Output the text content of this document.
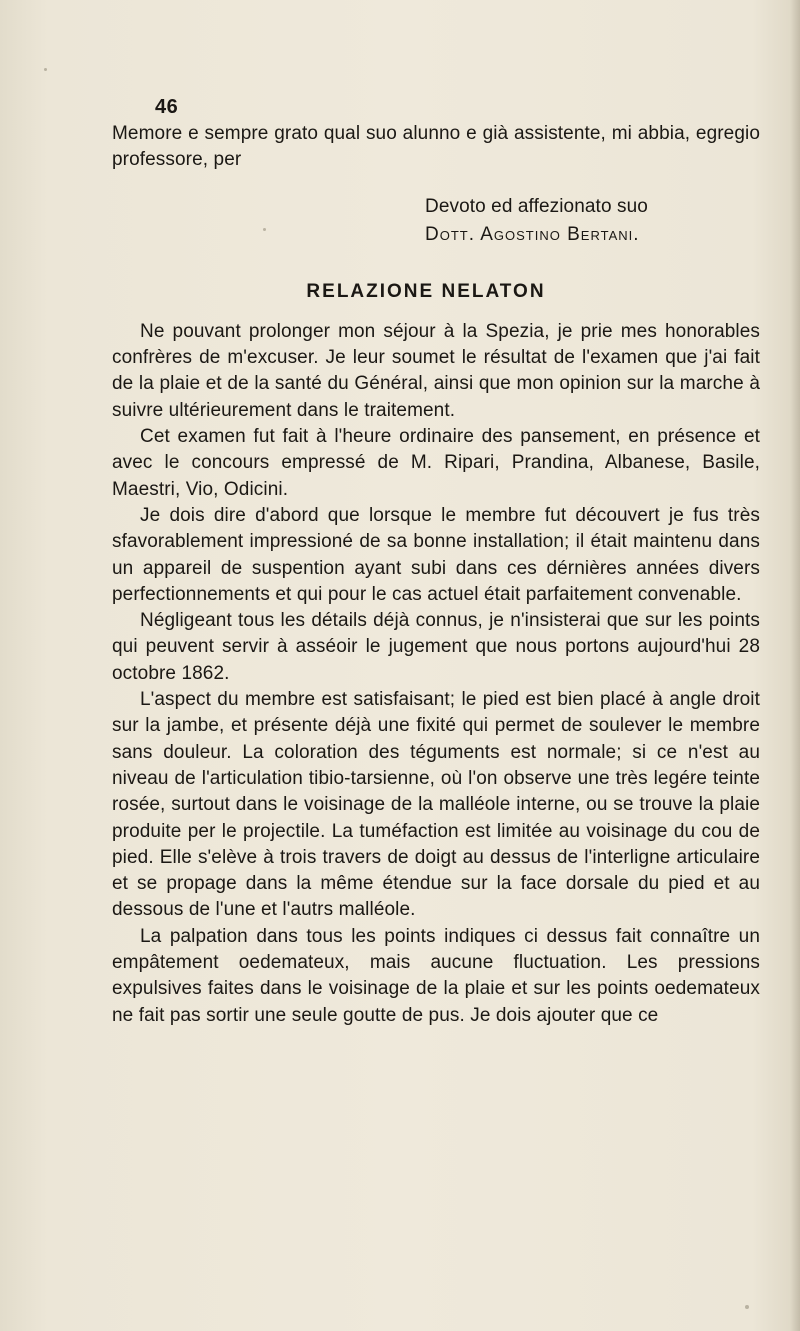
46

Memore e sempre grato qual suo alunno e già assistente, mi abbia, egregio professore, per

Devoto ed affezionato suo
Dott. Agostino Bertani.
RELAZIONE NELATON

Ne pouvant prolonger mon séjour à la Spezia, je prie mes honorables confrères de m'excuser. Je leur soumet le résultat de l'examen que j'ai fait de la plaie et de la santé du Général, ainsi que mon opinion sur la marche à suivre ultérieurement dans le traitement.

Cet examen fut fait à l'heure ordinaire des pansement, en présence et avec le concours empressé de M. Ripari, Prandina, Albanese, Basile, Maestri, Vio, Odicini.

Je dois dire d'abord que lorsque le membre fut découvert je fus très sfavorablement impressioné de sa bonne installation; il était maintenu dans un appareil de suspention ayant subi dans ces dérnières années divers perfectionnements et qui pour le cas actuel était parfaitement convenable.

Négligeant tous les détails déjà connus, je n'insisterai que sur les points qui peuvent servir à asséoir le jugement que nous portons aujourd'hui 28 octobre 1862.

L'aspect du membre est satisfaisant; le pied est bien placé à angle droit sur la jambe, et présente déjà une fixité qui permet de soulever le membre sans douleur. La coloration des téguments est normale; si ce n'est au niveau de l'articulation tibio-tarsienne, où l'on observe une très legére teinte rosée, surtout dans le voisinage de la malléole interne, ou se trouve la plaie produite per le projectile. La tuméfaction est limitée au voisinage du cou de pied. Elle s'elève à trois travers de doigt au dessus de l'interligne articulaire et se propage dans la même étendue sur la face dorsale du pied et au dessous de l'une et l'autrs malléole.

La palpation dans tous les points indiques ci dessus fait connaître un empâtement oedemateux, mais aucune fluctuation. Les pressions expulsives faites dans le voisinage de la plaie et sur les points oedemateux ne fait pas sortir une seule goutte de pus. Je dois ajouter que ce
